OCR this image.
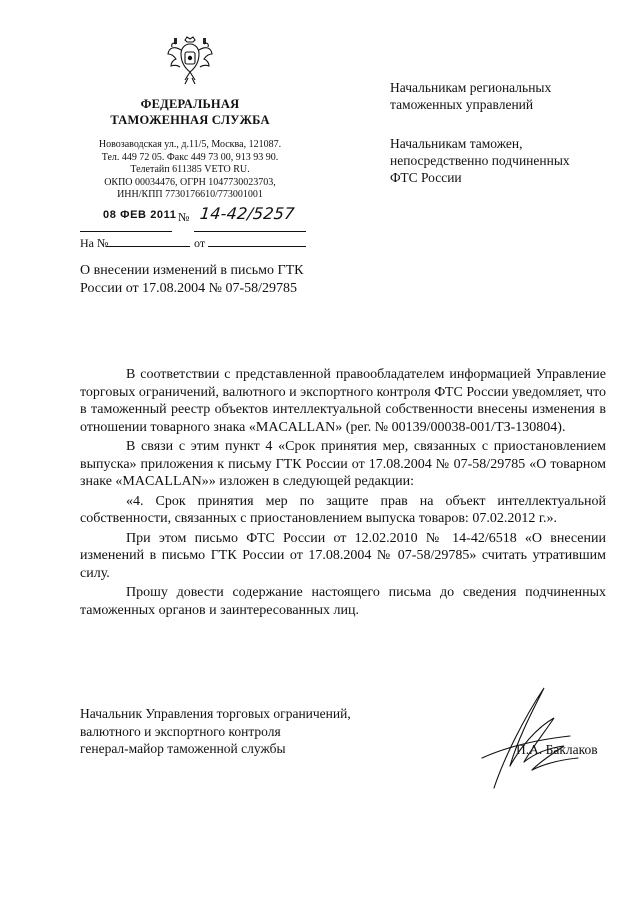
ФЕДЕРАЛЬНАЯ
ТАМОЖЕННАЯ СЛУЖБА
Новозаводская ул., д.11/5, Москва, 121087.
Тел. 449 72 05. Факс 449 73 00, 913 93 90.
Телетайп 611385 VETO RU.
ОКПО 00034476, ОГРН 1047730023703,
ИНН/КПП 7730176610/773001001
08 ФЕВ 2011 № 14-42/5257
На №	от
Начальникам региональных
таможенных управлений
Начальникам таможен,
непосредственно подчиненных
ФТС России
О внесении изменений в письмо ГТК России от 17.08.2004 № 07-58/29785

В соответствии с представленной правообладателем информацией Управление торговых ограничений, валютного и экспортного контроля ФТС России уведомляет, что в таможенный реестр объектов интеллектуальной собственности внесены изменения в отношении товарного знака «MACALLAN» (рег. № 00139/00038-001/ТЗ-130804).

В связи с этим пункт 4 «Срок принятия мер, связанных с приостановлением выпуска» приложения к письму ГТК России от 17.08.2004 № 07-58/29785 «О товарном знаке «MACALLAN»» изложен в следующей редакции:

«4. Срок принятия мер по защите прав на объект интеллектуальной собственности, связанных с приостановлением выпуска товаров: 07.02.2012 г.».

При этом письмо ФТС России от 12.02.2010 № 14-42/6518 «О внесении изменений в письмо ГТК России от 17.08.2004 № 07-58/29785» считать утратившим силу.

Прошу довести содержание настоящего письма до сведения подчиненных таможенных органов и заинтересованных лиц.

Начальник Управления торговых ограничений,
валютного и экспортного контроля
генерал-майор таможенной службы	П.А. Баклаков
